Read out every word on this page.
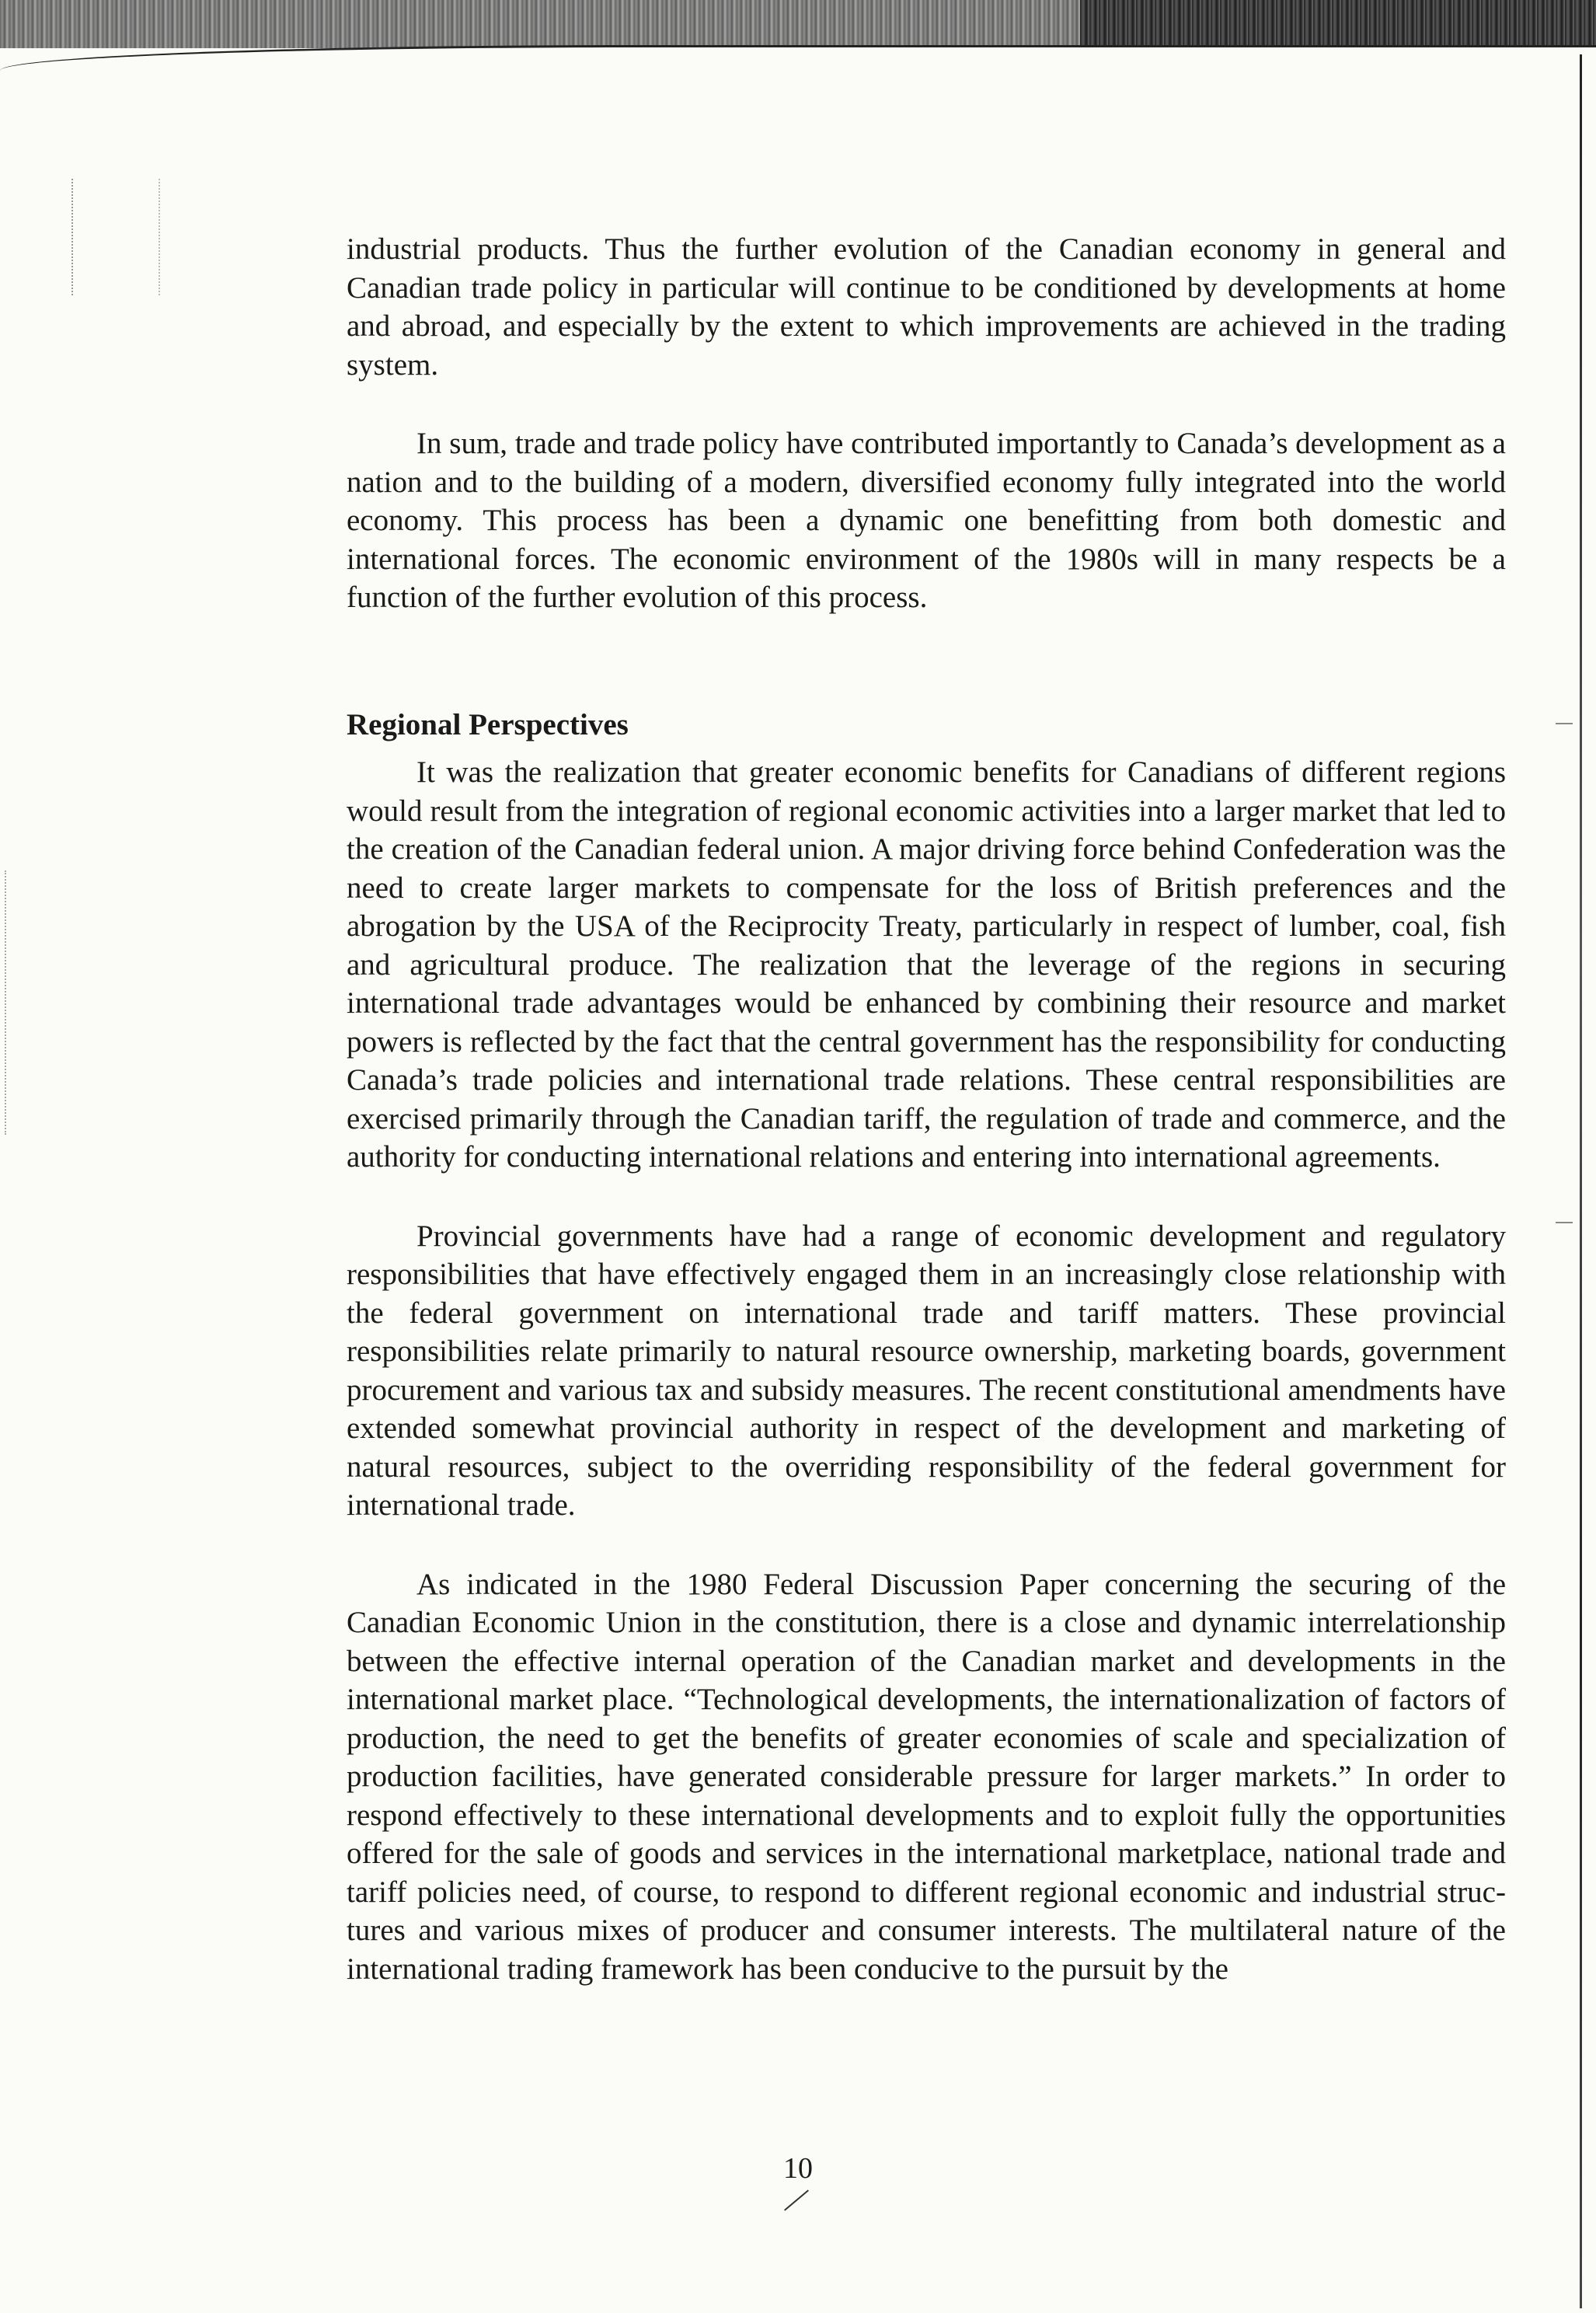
industrial products. Thus the further evolution of the Canadian economy in general and Canadian trade policy in particular will continue to be conditioned by developments at home and abroad, and especially by the extent to which improvements are achieved in the trading system.

In sum, trade and trade policy have contributed importantly to Canada’s development as a nation and to the building of a modern, diversified economy fully integrated into the world economy. This process has been a dynamic one benefitting from both domestic and international forces. The economic environment of the 1980s will in many respects be a function of the further evolution of this process.

Regional Perspectives

It was the realization that greater economic benefits for Canadians of different regions would result from the integration of regional economic activities into a larger market that led to the creation of the Canadian federal union. A major driving force behind Confederation was the need to create larger markets to compensate for the loss of British preferences and the abrogation by the USA of the Reciprocity Treaty, particularly in respect of lumber, coal, fish and agricultural produce. The realization that the leverage of the regions in securing international trade advantages would be enhanced by combining their resource and market powers is reflected by the fact that the central government has the responsibility for conducting Canada’s trade policies and international trade relations. These central responsibilities are exercised primarily through the Canadian tariff, the regulation of trade and commerce, and the authority for conducting international relations and entering into international agreements.

Provincial governments have had a range of economic development and regulatory responsibilities that have effectively engaged them in an increasingly close relationship with the federal government on international trade and tariff matters. These provincial responsibilities relate primarily to natural resource ownership, marketing boards, government procurement and various tax and subsidy measures. The recent constitutional amendments have extended somewhat provincial authority in respect of the development and marketing of natural resources, subject to the overriding responsibility of the federal government for international trade.

As indicated in the 1980 Federal Discussion Paper concerning the securing of the Canadian Economic Union in the constitution, there is a close and dynamic interrelationship between the effective internal operation of the Canadian market and developments in the international market place. “Technological developments, the internationalization of factors of production, the need to get the benefits of greater economies of scale and specialization of production facilities, have generated considerable pressure for larger markets.” In order to respond effectively to these international developments and to exploit fully the opportunities offered for the sale of goods and services in the international marketplace, national trade and tariff policies need, of course, to respond to different regional economic and industrial structures and various mixes of producer and consumer interests. The multilateral nature of the international trading framework has been conducive to the pursuit by the

10
